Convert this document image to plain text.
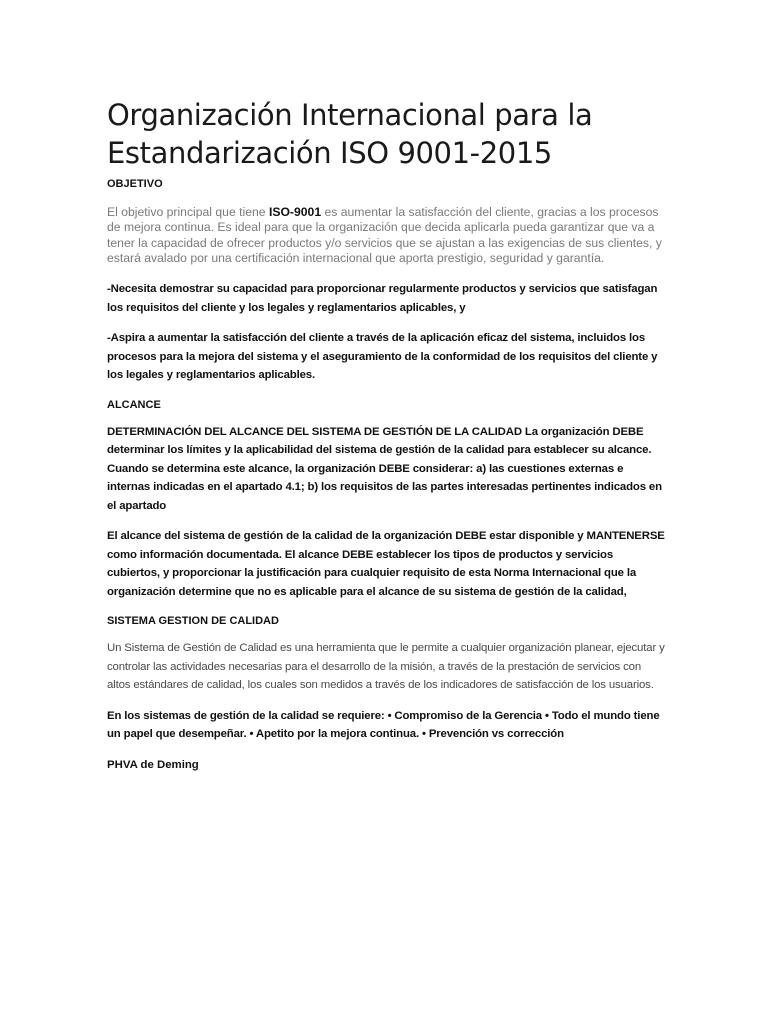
Organización Internacional para la
Estandarización ISO 9001-2015
OBJETIVO

El objetivo principal que tiene ISO-9001 es aumentar la satisfacción del cliente, gracias a los procesos de mejora continua. Es ideal para que la organización que decida aplicarla pueda garantizar que va a tener la capacidad de ofrecer productos y/o servicios que se ajustan a las exigencias de sus clientes, y estará avalado por una certificación internacional que aporta prestigio, seguridad y garantía.

-Necesita demostrar su capacidad para proporcionar regularmente productos y servicios que satisfagan los requisitos del cliente y los legales y reglamentarios aplicables, y

-Aspira a aumentar la satisfacción del cliente a través de la aplicación eficaz del sistema, incluidos los procesos para la mejora del sistema y el aseguramiento de la conformidad de los requisitos del cliente y los legales y reglamentarios aplicables.

ALCANCE

DETERMINACIÓN DEL ALCANCE DEL SISTEMA DE GESTIÓN DE LA CALIDAD La organización DEBE determinar los límites y la aplicabilidad del sistema de gestión de la calidad para establecer su alcance. Cuando se determina este alcance, la organización DEBE considerar: a) las cuestiones externas e internas indicadas en el apartado 4.1; b) los requisitos de las partes interesadas pertinentes indicados en el apartado

El alcance del sistema de gestión de la calidad de la organización DEBE estar disponible y MANTENERSE como información documentada. El alcance DEBE establecer los tipos de productos y servicios cubiertos, y proporcionar la justificación para cualquier requisito de esta Norma Internacional que la organización determine que no es aplicable para el alcance de su sistema de gestión de la calidad,

SISTEMA GESTION DE CALIDAD

Un Sistema de Gestión de Calidad es una herramienta que le permite a cualquier organización planear, ejecutar y controlar las actividades necesarias para el desarrollo de la misión, a través de la prestación de servicios con altos estándares de calidad, los cuales son medidos a través de los indicadores de satisfacción de los usuarios.

En los sistemas de gestión de la calidad se requiere: • Compromiso de la Gerencia • Todo el mundo tiene un papel que desempeñar. • Apetito por la mejora continua. • Prevención vs corrección

PHVA de Deming
